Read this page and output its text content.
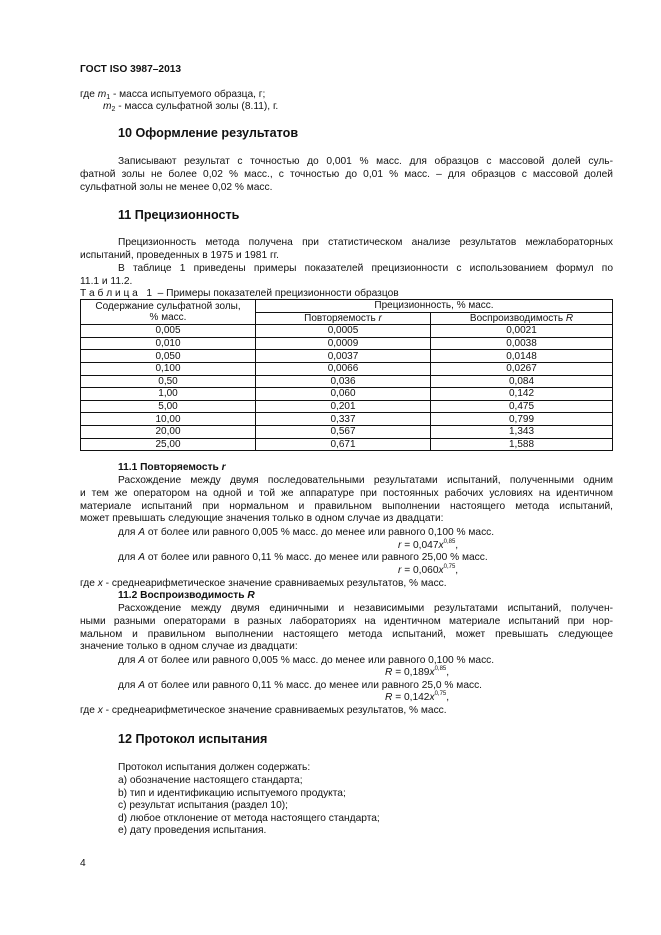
ГОСТ ISO 3987–2013
где $m_1$ - масса испытуемого образца, г;
$m_2$ - масса сульфатной золы (8.11), г.
10 Оформление результатов
Записывают результат с точностью до 0,001 % масс. для образцов с массовой долей суль-
фатной золы не более 0,02 % масс., с точностью до 0,01 % масс. – для образцов с массовой долей
сульфатной золы не менее 0,02 % масс.
11 Прецизионность
Прецизионность метода получена при статистическом анализе результатов межлабораторных
испытаний, проведенных в 1975 и 1981 гг.
В таблице 1 приведены примеры показателей прецизионности с использованием формул по
11.1 и 11.2.
Т а б л и ц а   1  – Примеры показателей прецизионности образцов
Содержание сульфатной золы,
% масс.	Прецизионность, % масс.	
	Повторяемость r	Воспроизводимость R
0,005	0,0005	0,0021
0,010	0,0009	0,0038
0,050	0,0037	0,0148
0,100	0,0066	0,0267
0,50	0,036	0,084
1,00	0,060	0,142
5,00	0,201	0,475
10,00	0,337	0,799
20,00	0,567	1,343
25,00	0,671	1,588
11.1 Повторяемость r
Расхождение между двумя последовательными результатами испытаний, полученными одним
и тем же оператором на одной и той же аппаратуре при постоянных рабочих условиях на идентичном
материале испытаний при нормальном и правильном выполнении настоящего метода испытаний,
может превышать следующие значения только в одном случае из двадцати:
для A от более или равного 0,005 % масс. до менее или равного 0,100 % масс.
$r = 0,047x^{0,85}$,
для A от более или равного 0,11 % масс. до менее или равного 25,00 % масс.
$r = 0,060x^{0,75}$,
где x - среднеарифметическое значение сравниваемых результатов, % масс.
11.2 Воспроизводимость R
Расхождение между двумя единичными и независимыми результатами испытаний, получен-
ными разными операторами в разных лабораториях на идентичном материале испытаний при нор-
мальном и правильном выполнении настоящего метода испытаний, может превышать следующее
значение только в одном случае из двадцати:
для A от более или равного 0,005 % масс. до менее или равного 0,100 % масс.
$R = 0,189x^{0,85}$,
для A от более или равного 0,11 % масс. до менее или равного 25,0 % масс.
$R = 0,142x^{0,75}$,
где x - среднеарифметическое значение сравниваемых результатов, % масс.
12 Протокол испытания
Протокол испытания должен содержать:
а) обозначение настоящего стандарта;
b) тип и идентификацию испытуемого продукта;
c) результат испытания (раздел 10);
d) любое отклонение от метода настоящего стандарта;
e) дату проведения испытания.
4
